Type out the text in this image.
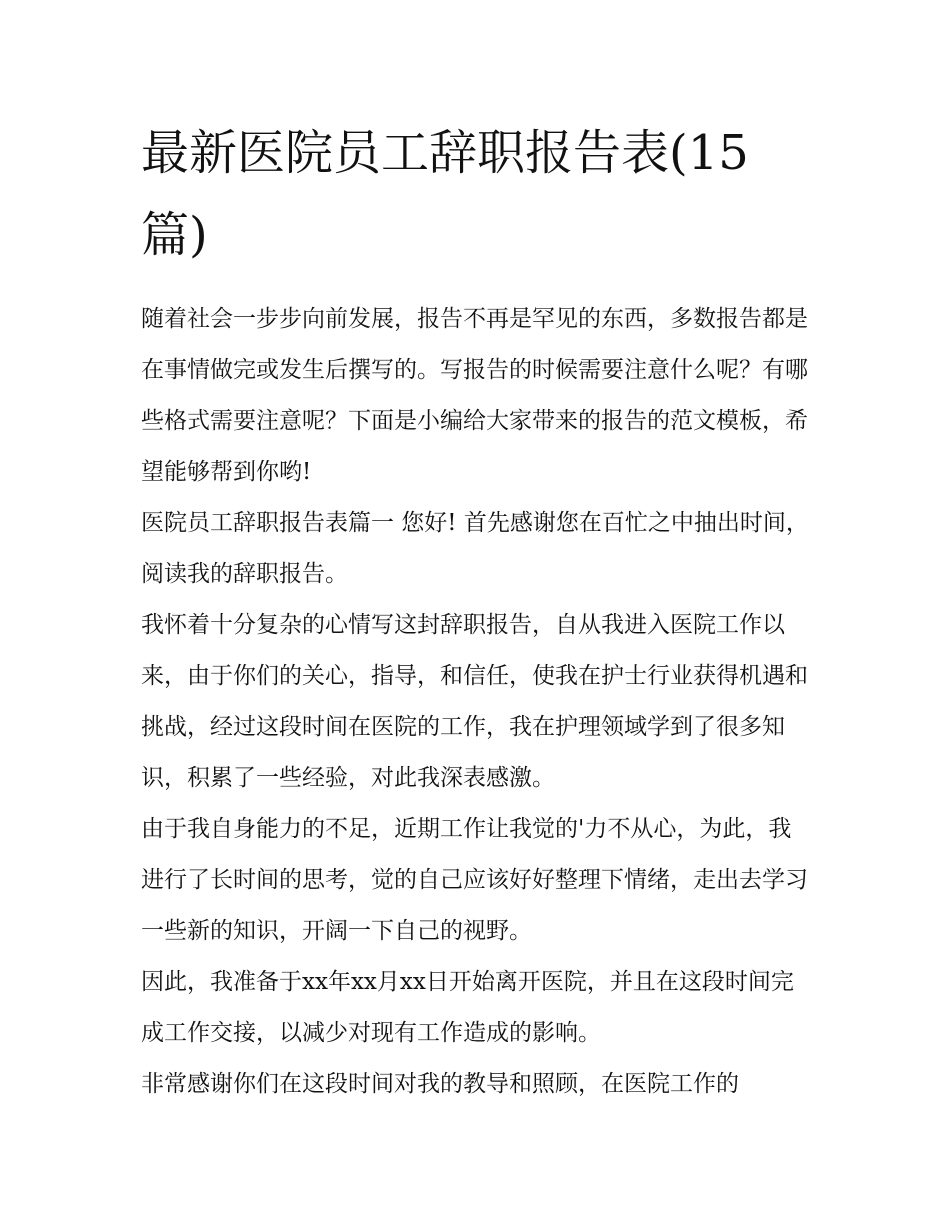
最新医院员工辞职报告表(15篇)

随着社会一步步向前发展，报告不再是罕见的东西，多数报告都是在事情做完或发生后撰写的。写报告的时候需要注意什么呢？有哪些格式需要注意呢？下面是小编给大家带来的报告的范文模板，希望能够帮到你哟!

医院员工辞职报告表篇一 您好! 首先感谢您在百忙之中抽出时间，阅读我的辞职报告。

我怀着十分复杂的心情写这封辞职报告，自从我进入医院工作以来，由于你们的关心，指导，和信任，使我在护士行业获得机遇和挑战，经过这段时间在医院的工作，我在护理领域学到了很多知识，积累了一些经验，对此我深表感激。

由于我自身能力的不足，近期工作让我觉的'力不从心，为此，我进行了长时间的思考，觉的自己应该好好整理下情绪，走出去学习一些新的知识，开阔一下自己的视野。

因此，我准备于xx年xx月xx日开始离开医院，并且在这段时间完成工作交接，以减少对现有工作造成的影响。

非常感谢你们在这段时间对我的教导和照顾，在医院工作的
